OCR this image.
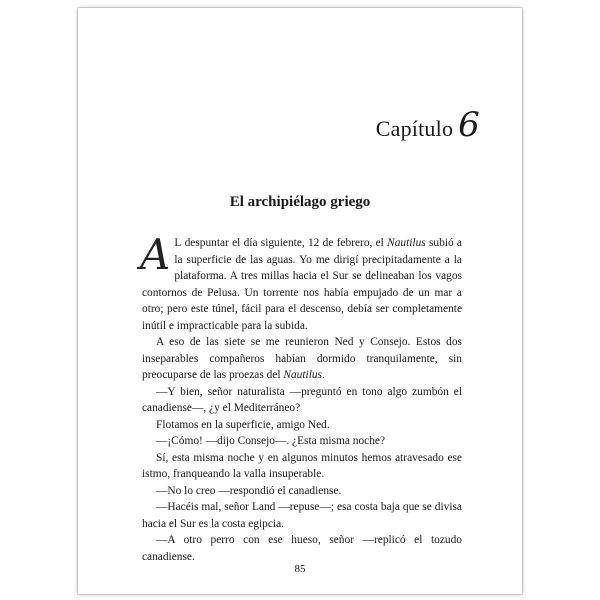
Capítulo 6
El archipiélago griego

A L despuntar el día siguiente, 12 de febrero, el Nautilus subió a la superficie de las aguas. Yo me dirigí precipitadamente a la plataforma. A tres millas hacia el Sur se delineaban los vagos contornos de Pelusa. Un torrente nos había empujado de un mar a otro; pero este túnel, fácil para el descenso, debía ser completamente inútil e impracticable para la subida.

A eso de las siete se me reunieron Ned y Consejo. Estos dos inseparables compañeros habían dormido tranquilamente, sin preocuparse de las proezas del Nautilus.

—Y bien, señor naturalista —preguntó en tono algo zumbón el canadiense—, ¿y el Mediterráneo?

Flotamos en la superficie, amigo Ned.

—¡Cómo! —dijo Consejo—. ¿Esta misma noche?

Sí, esta misma noche y en algunos minutos hemos atravesado ese istmo, franqueando la valla insuperable.

—No lo creo —respondió el canadiense.

—Hacéis mal, señor Land —repuse—; esa costa baja que se divisa hacia el Sur es la costa egipcia.

—A otro perro con ese hueso, señor —replicó el tozudo canadiense.

85
